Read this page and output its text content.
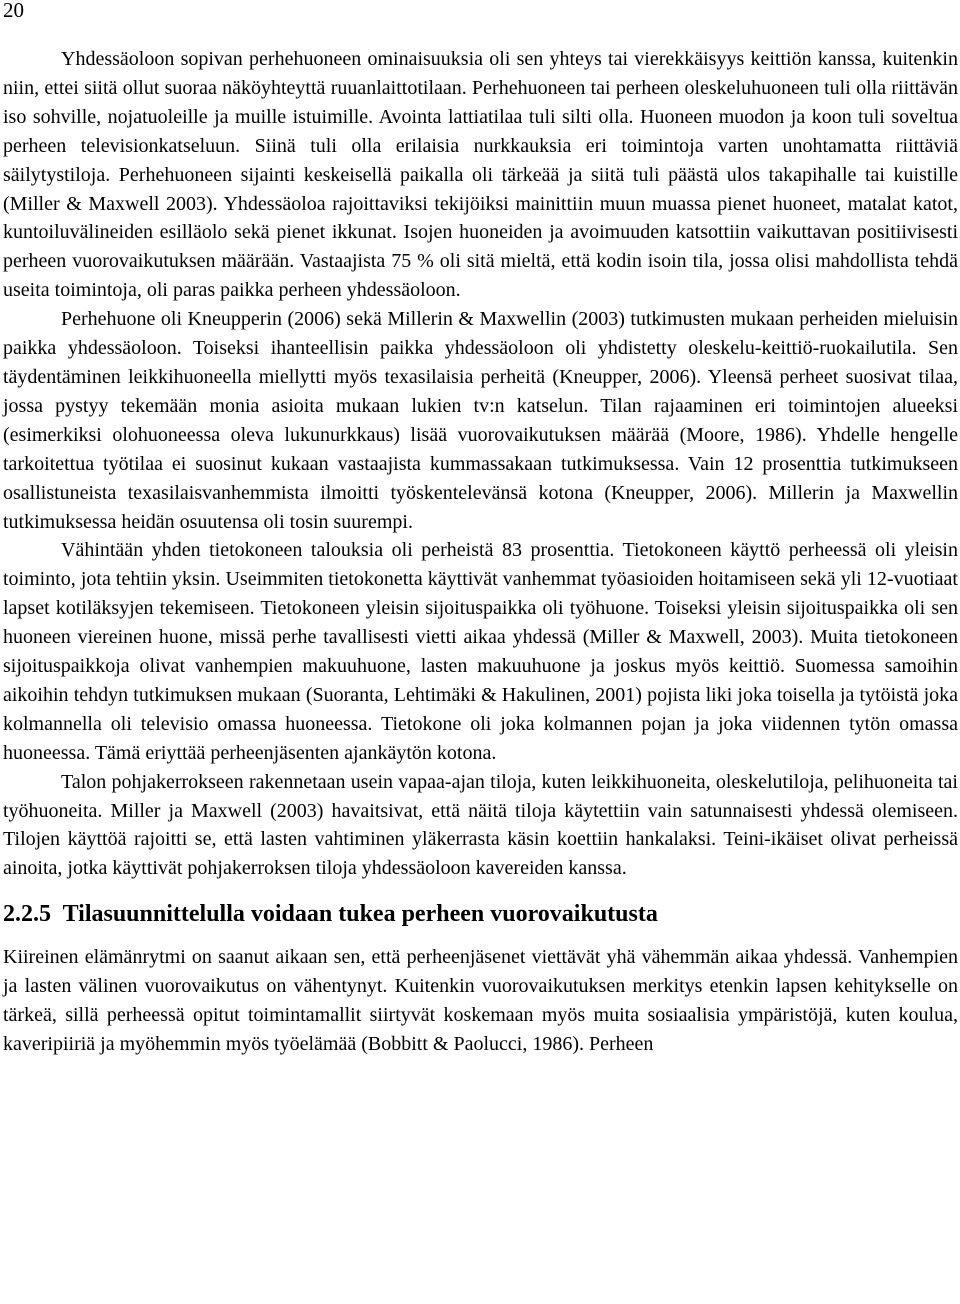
20

Yhdessäoloon sopivan perhehuoneen ominaisuuksia oli sen yhteys tai vierekkäisyys keittiön kanssa, kuitenkin niin, ettei siitä ollut suoraa näköyhteyttä ruuanlaittotilaan. Perhehuoneen tai perheen oleskeluhuoneen tuli olla riittävän iso sohville, nojatuoleille ja muille istuimille. Avointa lattiatilaa tuli silti olla. Huoneen muodon ja koon tuli soveltua perheen televisionkatseluun. Siinä tuli olla erilaisia nurkkauksia eri toimintoja varten unohtamatta riittäviä säilytystiloja. Perhehuoneen sijainti keskeisellä paikalla oli tärkeää ja siitä tuli päästä ulos takapihalle tai kuistille (Miller & Maxwell 2003). Yhdessäoloa rajoittaviksi tekijöiksi mainittiin muun muassa pienet huoneet, matalat katot, kuntoiluvälineiden esilläolo sekä pienet ikkunat. Isojen huoneiden ja avoimuuden katsottiin vaikuttavan positiivisesti perheen vuorovaikutuksen määrään. Vastaajista 75 % oli sitä mieltä, että kodin isoin tila, jossa olisi mahdollista tehdä useita toimintoja, oli paras paikka perheen yhdessäoloon.

Perhehuone oli Kneupperin (2006) sekä Millerin & Maxwellin (2003) tutkimusten mukaan perheiden mieluisin paikka yhdessäoloon. Toiseksi ihanteellisin paikka yhdessäoloon oli yhdistetty oleskelu-keittiö-ruokailutila. Sen täydentäminen leikkihuoneella miellytti myös texasilaisia perheitä (Kneupper, 2006). Yleensä perheet suosivat tilaa, jossa pystyy tekemään monia asioita mukaan lukien tv:n katselun. Tilan rajaaminen eri toimintojen alueeksi (esimerkiksi olohuoneessa oleva lukunurkkaus) lisää vuorovaikutuksen määrää (Moore, 1986). Yhdelle hengelle tarkoitettua työtilaa ei suosinut kukaan vastaajista kummassakaan tutkimuksessa. Vain 12 prosenttia tutkimukseen osallistuneista texasilaisvanhemmista ilmoitti työskentelevänsä kotona (Kneupper, 2006). Millerin ja Maxwellin tutkimuksessa heidän osuutensa oli tosin suurempi.

Vähintään yhden tietokoneen talouksia oli perheistä 83 prosenttia. Tietokoneen käyttö perheessä oli yleisin toiminto, jota tehtiin yksin. Useimmiten tietokonetta käyttivät vanhemmat työasioiden hoitamiseen sekä yli 12-vuotiaat lapset kotiläksyjen tekemiseen. Tietokoneen yleisin sijoituspaikka oli työhuone. Toiseksi yleisin sijoituspaikka oli sen huoneen viereinen huone, missä perhe tavallisesti vietti aikaa yhdessä (Miller & Maxwell, 2003). Muita tietokoneen sijoituspaikkoja olivat vanhempien makuuhuone, lasten makuuhuone ja joskus myös keittiö. Suomessa samoihin aikoihin tehdyn tutkimuksen mukaan (Suoranta, Lehtimäki & Hakulinen, 2001) pojista liki joka toisella ja tytöistä joka kolmannella oli televisio omassa huoneessa. Tietokone oli joka kolmannen pojan ja joka viidennen tytön omassa huoneessa. Tämä eriyttää perheenjäsenten ajankäytön kotona.

Talon pohjakerrokseen rakennetaan usein vapaa-ajan tiloja, kuten leikkihuoneita, oleskelutiloja, pelihuoneita tai työhuoneita. Miller ja Maxwell (2003) havaitsivat, että näitä tiloja käytettiin vain satunnaisesti yhdessä olemiseen. Tilojen käyttöä rajoitti se, että lasten vahtiminen yläkerrasta käsin koettiin hankalaksi. Teini-ikäiset olivat perheissä ainoita, jotka käyttivät pohjakerroksen tiloja yhdessäoloon kavereiden kanssa.

2.2.5 Tilasuunnittelulla voidaan tukea perheen vuorovaikutusta

Kiireinen elämänrytmi on saanut aikaan sen, että perheenjäsenet viettävät yhä vähemmän aikaa yhdessä. Vanhempien ja lasten välinen vuorovaikutus on vähentynyt. Kuitenkin vuorovaikutuksen merkitys etenkin lapsen kehitykselle on tärkeä, sillä perheessä opitut toimintamallit siirtyvät koskemaan myös muita sosiaalisia ympäristöjä, kuten koulua, kaveripiiriä ja myöhemmin myös työelämää (Bobbitt & Paolucci, 1986). Perheen
